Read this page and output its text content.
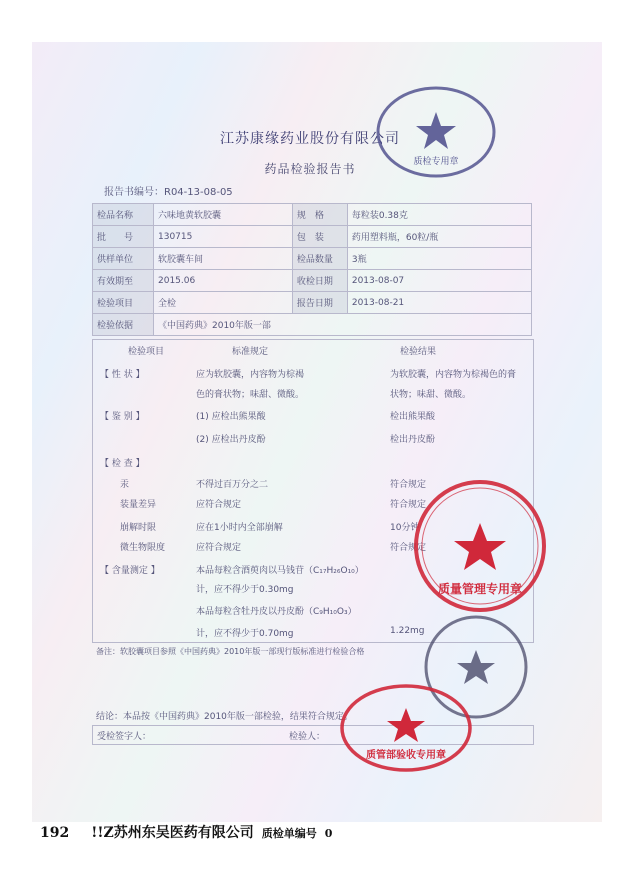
江苏康缘药业股份有限公司
药品检验报告书
报告书编号：R04-13-08-05
检品名称	六味地黄软胶囊	规　格	每粒装0.38克
批　　号	130715	包　装	药用塑料瓶，60粒/瓶
供样单位	软胶囊车间	检品数量	3瓶
有效期至	2015.06	收检日期	2013-08-07
检验项目	全检	报告日期	2013-08-21
检验依据	《中国药典》2010年版一部		
检验项目	标准规定	检验结果
【 性 状 】	应为软胶囊，内容物为棕褐	为软胶囊，内容物为棕褐色的膏
色的膏状物；味甜、微酸。	状物；味甜、微酸。
【 鉴 别 】	(1) 应检出熊果酸	检出熊果酸
(2) 应检出丹皮酚	检出丹皮酚
【 检 查 】
汞	不得过百万分之二	符合规定
装量差异	应符合规定	符合规定
崩解时限	应在1小时内全部崩解	10分钟
微生物限度	应符合规定	符合规定
【 含量测定 】	本品每粒含酒萸肉以马钱苷（C₁₇H₂₆O₁₀）
计，应不得少于0.30mg
本品每粒含牡丹皮以丹皮酚（C₉H₁₀O₃）
计，应不得少于0.70mg	1.22mg
备注：软胶囊项目参照《中国药典》2010年版一部现行版标准进行检验合格
结论：本品按《中国药典》2010年版一部检验，结果符合规定。
受检签字人：	检验人：
质检专用章
质量管理专用章
质管部验收专用章
192 !!Z苏州东吴医药有限公司 质检单编号 0
